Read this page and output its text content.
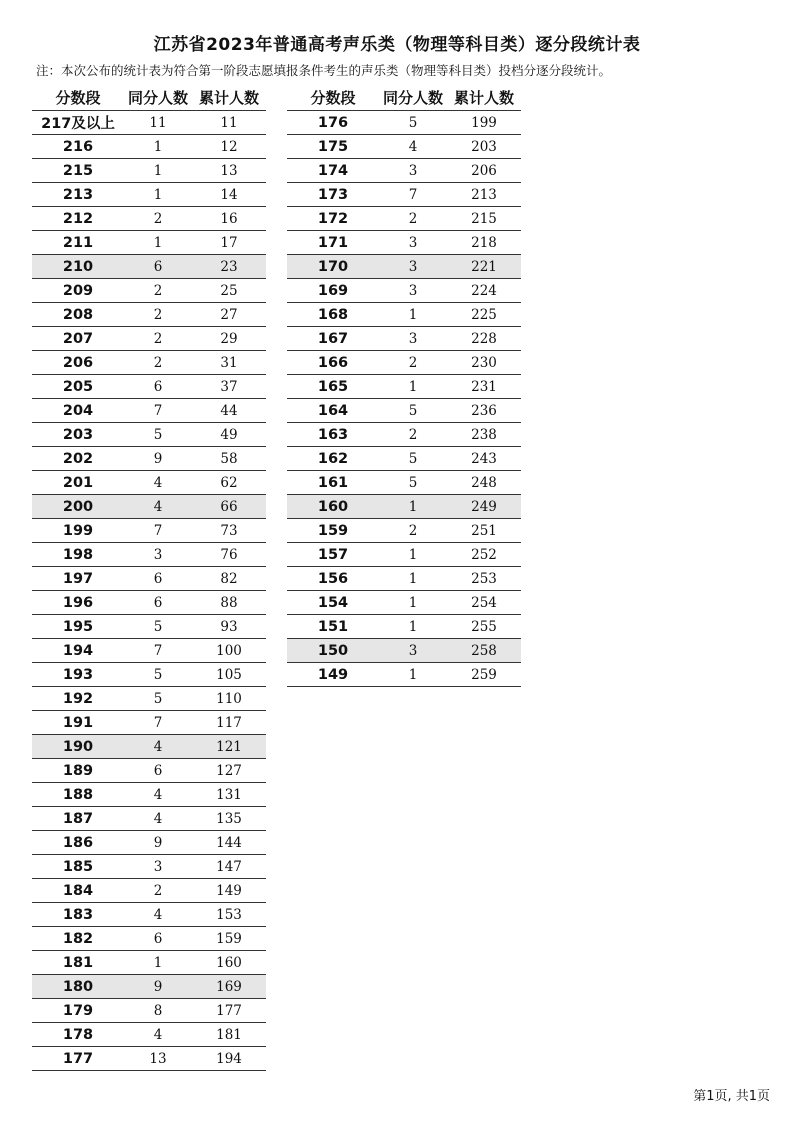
江苏省2023年普通高考声乐类（物理等科目类）逐分段统计表
注：本次公布的统计表为符合第一阶段志愿填报条件考生的声乐类（物理等科目类）投档分逐分段统计。
分数段	同分人数	累计人数
217及以上	11	11
216	1	12
215	1	13
213	1	14
212	2	16
211	1	17
210	6	23
209	2	25
208	2	27
207	2	29
206	2	31
205	6	37
204	7	44
203	5	49
202	9	58
201	4	62
200	4	66
199	7	73
198	3	76
197	6	82
196	6	88
195	5	93
194	7	100
193	5	105
192	5	110
191	7	117
190	4	121
189	6	127
188	4	131
187	4	135
186	9	144
185	3	147
184	2	149
183	4	153
182	6	159
181	1	160
180	9	169
179	8	177
178	4	181
177	13	194
分数段	同分人数	累计人数
176	5	199
175	4	203
174	3	206
173	7	213
172	2	215
171	3	218
170	3	221
169	3	224
168	1	225
167	3	228
166	2	230
165	1	231
164	5	236
163	2	238
162	5	243
161	5	248
160	1	249
159	2	251
157	1	252
156	1	253
154	1	254
151	1	255
150	3	258
149	1	259
第1页, 共1页
